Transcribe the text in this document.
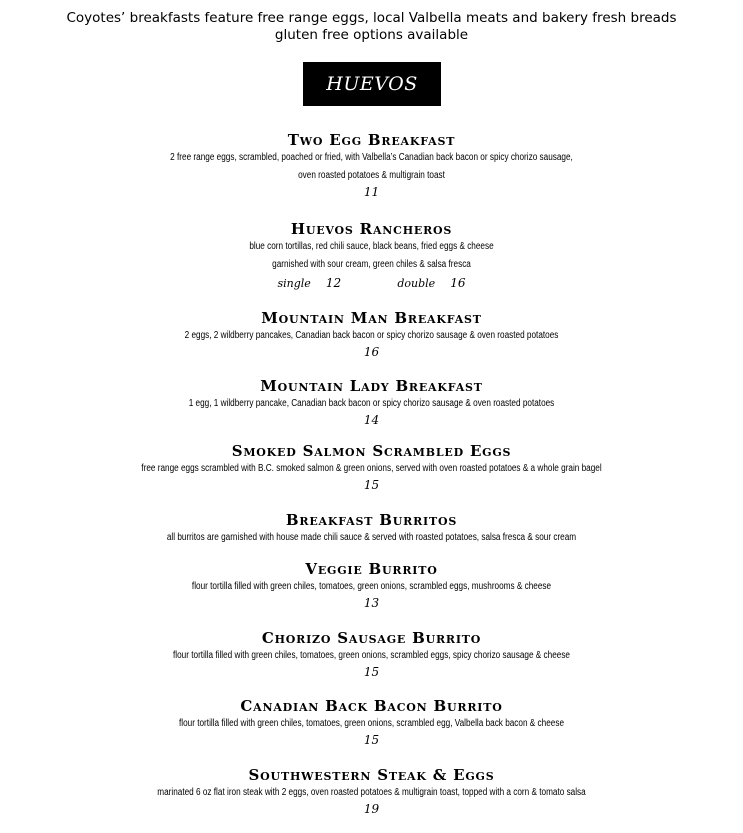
Coyotes’ breakfasts feature free range eggs, local Valbella meats and bakery fresh breads
gluten free options available
HUEVOS
Two Egg Breakfast
2 free range eggs, scrambled, poached or fried, with Valbella’s Canadian back bacon or spicy chorizo sausage,
oven roasted potatoes & multigrain toast
11
Huevos Rancheros
blue corn tortillas, red chili sauce, black beans, fried eggs & cheese
garnished with sour cream, green chiles & salsa fresca
single 12	double 16
Mountain Man Breakfast
2 eggs, 2 wildberry pancakes, Canadian back bacon or spicy chorizo sausage & oven roasted potatoes
16
Mountain Lady Breakfast
1 egg, 1 wildberry pancake, Canadian back bacon or spicy chorizo sausage & oven roasted potatoes
14
Smoked Salmon Scrambled Eggs
free range eggs scrambled with B.C. smoked salmon & green onions, served with oven roasted potatoes & a whole grain bagel
15
Breakfast Burritos
all burritos are garnished with house made chili sauce & served with roasted potatoes, salsa fresca & sour cream
Veggie Burrito
flour tortilla filled with green chiles, tomatoes, green onions, scrambled eggs, mushrooms & cheese
13
Chorizo Sausage Burrito
flour tortilla filled with green chiles, tomatoes, green onions, scrambled eggs, spicy chorizo sausage & cheese
15
Canadian Back Bacon Burrito
flour tortilla filled with green chiles, tomatoes, green onions, scrambled egg, Valbella back bacon & cheese
15
Southwestern Steak & Eggs
marinated 6 oz flat iron steak with 2 eggs, oven roasted potatoes & multigrain toast, topped with a corn & tomato salsa
19
